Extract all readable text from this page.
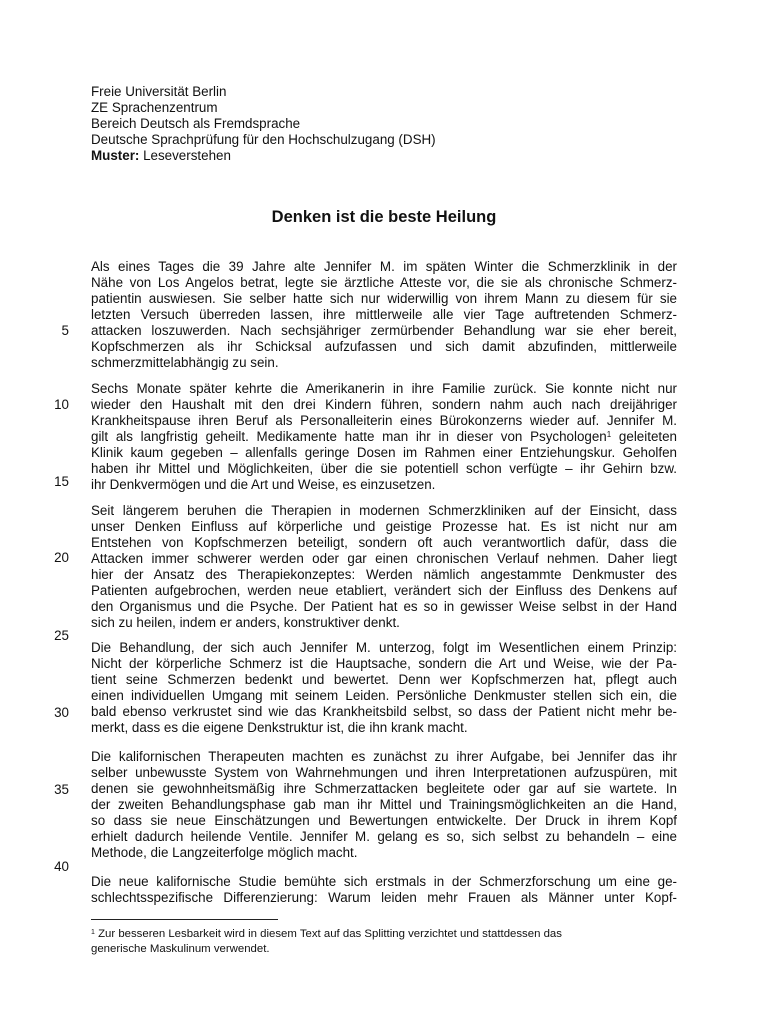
Freie Universität Berlin
ZE Sprachenzentrum
Bereich Deutsch als Fremdsprache
Deutsche Sprachprüfung für den Hochschulzugang (DSH)
Muster: Leseverstehen
Denken ist die beste Heilung
5
10
15
20
25
30
35
40
Als eines Tages die 39 Jahre alte Jennifer M. im späten Winter die Schmerzklinik in der
Nähe von Los Angelos betrat, legte sie ärztliche Atteste vor, die sie als chronische Schmerz-
patientin auswiesen. Sie selber hatte sich nur widerwillig von ihrem Mann zu diesem für sie
letzten Versuch überreden lassen, ihre mittlerweile alle vier Tage auftretenden Schmerz-
attacken loszuwerden. Nach sechsjähriger zermürbender Behandlung war sie eher bereit,
Kopfschmerzen als ihr Schicksal aufzufassen und sich damit abzufinden, mittlerweile
schmerzmittelabhängig zu sein.
Sechs Monate später kehrte die Amerikanerin in ihre Familie zurück. Sie konnte nicht nur
wieder den Haushalt mit den drei Kindern führen, sondern nahm auch nach dreijähriger
Krankheitspause ihren Beruf als Personalleiterin eines Bürokonzerns wieder auf. Jennifer M.
gilt als langfristig geheilt. Medikamente hatte man ihr in dieser von Psychologen$^1$ geleiteten
Klinik kaum gegeben – allenfalls geringe Dosen im Rahmen einer Entziehungskur. Geholfen
haben ihr Mittel und Möglichkeiten, über die sie potentiell schon verfügte – ihr Gehirn bzw.
ihr Denkvermögen und die Art und Weise, es einzusetzen.
Seit längerem beruhen die Therapien in modernen Schmerzkliniken auf der Einsicht, dass
unser Denken Einfluss auf körperliche und geistige Prozesse hat. Es ist nicht nur am
Entstehen von Kopfschmerzen beteiligt, sondern oft auch verantwortlich dafür, dass die
Attacken immer schwerer werden oder gar einen chronischen Verlauf nehmen. Daher liegt
hier der Ansatz des Therapiekonzeptes: Werden nämlich angestammte Denkmuster des
Patienten aufgebrochen, werden neue etabliert, verändert sich der Einfluss des Denkens auf
den Organismus und die Psyche. Der Patient hat es so in gewisser Weise selbst in der Hand
sich zu heilen, indem er anders, konstruktiver denkt.
Die Behandlung, der sich auch Jennifer M. unterzog, folgt im Wesentlichen einem Prinzip:
Nicht der körperliche Schmerz ist die Hauptsache, sondern die Art und Weise, wie der Pa-
tient seine Schmerzen bedenkt und bewertet. Denn wer Kopfschmerzen hat, pflegt auch
einen individuellen Umgang mit seinem Leiden. Persönliche Denkmuster stellen sich ein, die
bald ebenso verkrustet sind wie das Krankheitsbild selbst, so dass der Patient nicht mehr be-
merkt, dass es die eigene Denkstruktur ist, die ihn krank macht.
Die kalifornischen Therapeuten machten es zunächst zu ihrer Aufgabe, bei Jennifer das ihr
selber unbewusste System von Wahrnehmungen und ihren Interpretationen aufzuspüren, mit
denen sie gewohnheitsmäßig ihre Schmerzattacken begleitete oder gar auf sie wartete. In
der zweiten Behandlungsphase gab man ihr Mittel und Trainingsmöglichkeiten an die Hand,
so dass sie neue Einschätzungen und Bewertungen entwickelte. Der Druck in ihrem Kopf
erhielt dadurch heilende Ventile. Jennifer M. gelang es so, sich selbst zu behandeln – eine
Methode, die Langzeiterfolge möglich macht.
Die neue kalifornische Studie bemühte sich erstmals in der Schmerzforschung um eine ge-
schlechtsspezifische Differenzierung: Warum leiden mehr Frauen als Männer unter Kopf-
$^1$ Zur besseren Lesbarkeit wird in diesem Text auf das Splitting verzichtet und stattdessen das
generische Maskulinum verwendet.
